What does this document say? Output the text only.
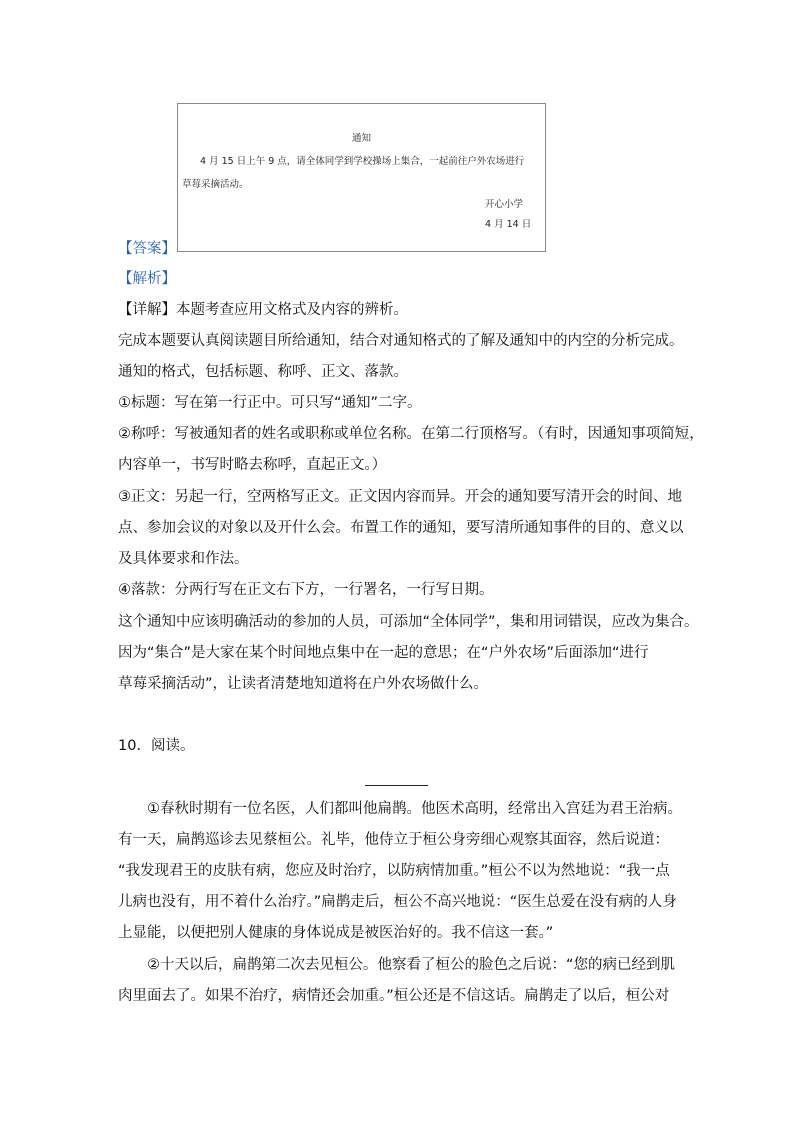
通知
4 月 15 日上午 9 点，请全体同学到学校操场上集合，一起前往户外农场进行
草莓采摘活动。
开心小学
4 月 14 日
【答案】
【解析】
【详解】本题考查应用文格式及内容的辨析。
完成本题要认真阅读题目所给通知，结合对通知格式的了解及通知中的内空的分析完成。
通知的格式，包括标题、称呼、正文、落款。
①标题：写在第一行正中。可只写“通知”二字。
②称呼：写被通知者的姓名或职称或单位名称。在第二行顶格写。（有时，因通知事项简短，
内容单一，书写时略去称呼，直起正文。）
③正文：另起一行，空两格写正文。正文因内容而异。开会的通知要写清开会的时间、地
点、参加会议的对象以及开什么会。布置工作的通知，要写清所通知事件的目的、意义以
及具体要求和作法。
④落款：分两行写在正文右下方，一行署名，一行写日期。
这个通知中应该明确活动的参加的人员，可添加“全体同学”，集和用词错误，应改为集合。
因为“集合”是大家在某个时间地点集中在一起的意思；在“户外农场”后面添加“进行
草莓采摘活动”，让读者清楚地知道将在户外农场做什么。
10．阅读。
①春秋时期有一位名医，人们都叫他扁鹊。他医术高明，经常出入宫廷为君王治病。
有一天，扁鹊巡诊去见蔡桓公。礼毕，他侍立于桓公身旁细心观察其面容，然后说道：
“我发现君王的皮肤有病，您应及时治疗，以防病情加重。”桓公不以为然地说：“我一点
儿病也没有，用不着什么治疗。”扁鹊走后，桓公不高兴地说：“医生总爱在没有病的人身
上显能，以便把别人健康的身体说成是被医治好的。我不信这一套。”
②十天以后，扁鹊第二次去见桓公。他察看了桓公的脸色之后说：“您的病已经到肌
肉里面去了。如果不治疗，病情还会加重。”桓公还是不信这话。扁鹊走了以后，桓公对
